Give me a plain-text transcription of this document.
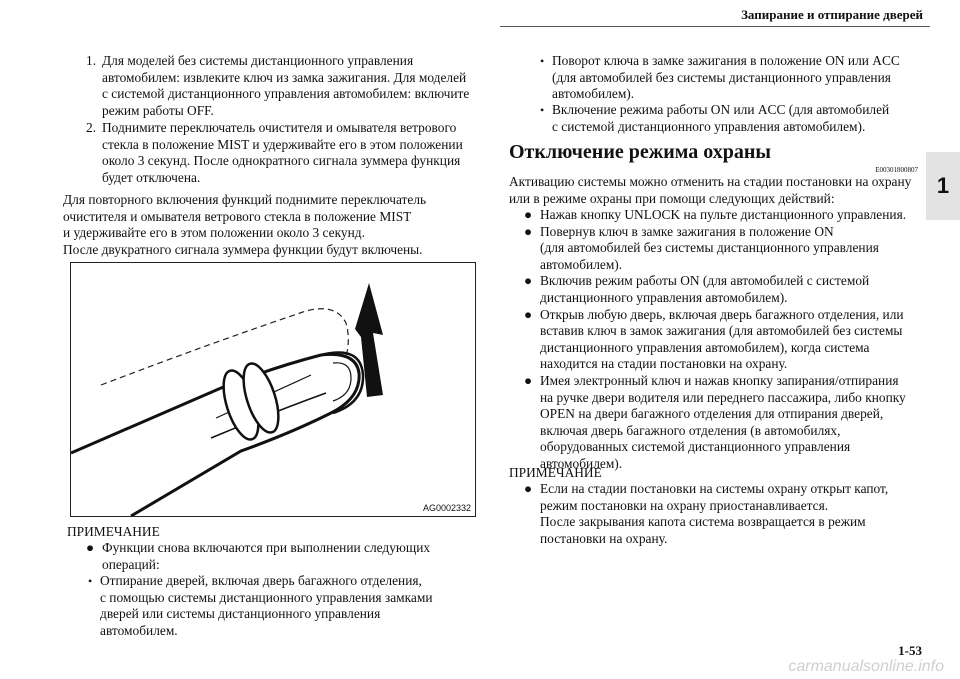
Запирание и отпирание дверей
1
1. Для моделей без системы дистанционного управления
автомобилем: извлеките ключ из замка зажигания. Для моделей
с системой дистанционного управления автомобилем: включите
режим работы OFF.
2. Поднимите переключатель очистителя и омывателя ветрового
стекла в положение MIST и удерживайте его в этом положении
около 3 секунд. После однократного сигнала зуммера функция
будет отключена.
Для повторного включения функций поднимите переключатель
очистителя и омывателя ветрового стекла в положение MIST
и удерживайте его в этом положении около 3 секунд.
После двукратного сигнала зуммера функции будут включены.
AG0002332
ПРИМЕЧАНИЕ
● Функции снова включаются при выполнении следующих
операций:
• Отпирание дверей, включая дверь багажного отделения,
с помощью системы дистанционного управления замками
дверей или системы дистанционного управления
автомобилем.
• Поворот ключа в замке зажигания в положение ON или ACC
(для автомобилей без системы дистанционного управления
автомобилем).
• Включение режима работы ON или ACC (для автомобилей
с системой дистанционного управления автомобилем).
Отключение режима охраны
E00301800807
Активацию системы можно отменить на стадии постановки на охрану
или в режиме охраны при помощи следующих действий:
● Нажав кнопку UNLOCK на пульте дистанционного управления.
● Повернув ключ в замке зажигания в положение ON
(для автомобилей без системы дистанционного управления
автомобилем).
● Включив режим работы ON (для автомобилей с системой
дистанционного управления автомобилем).
● Открыв любую дверь, включая дверь багажного отделения, или
вставив ключ в замок зажигания (для автомобилей без системы
дистанционного управления автомобилем), когда система
находится на стадии постановки на охрану.
● Имея электронный ключ и нажав кнопку запирания/отпирания
на ручке двери водителя или переднего пассажира, либо кнопку
OPEN на двери багажного отделения для отпирания дверей,
включая дверь багажного отделения (в автомобилях,
оборудованных системой дистанционного управления
автомобилем).
ПРИМЕЧАНИЕ
● Если на стадии постановки на системы охрану открыт капот,
режим постановки на охрану приостанавливается.
После закрывания капота система возвращается в режим
постановки на охрану.
1-53
carmanualsonline.info
